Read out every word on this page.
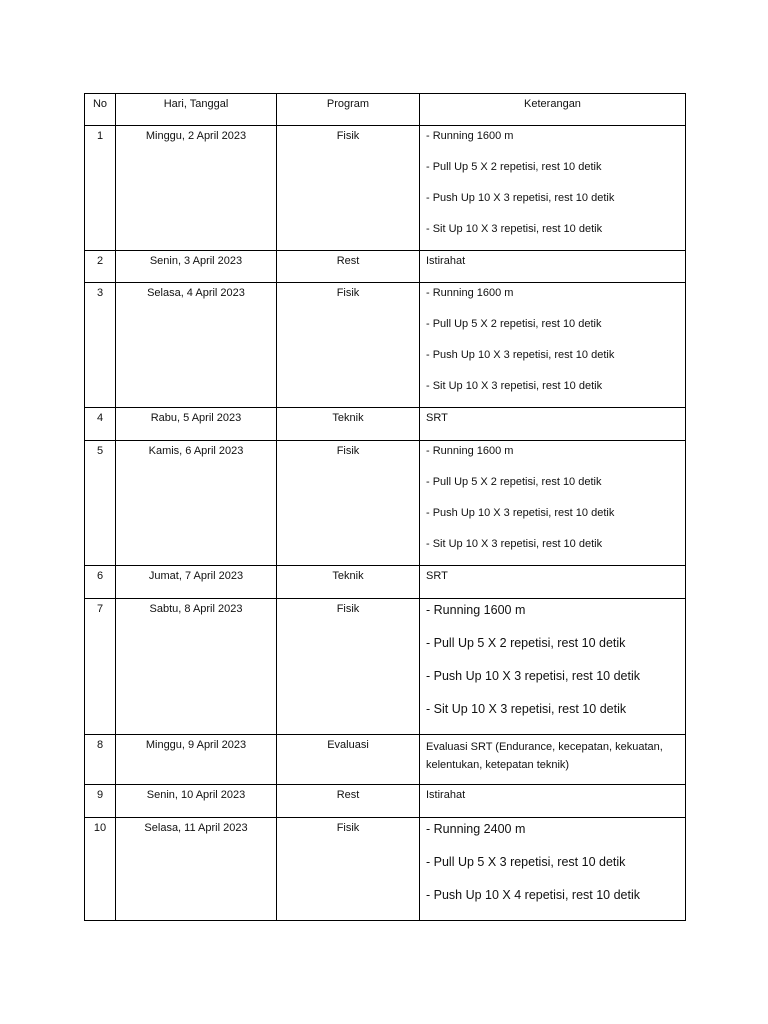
No	Hari, Tanggal	Program	Keterangan
1	Minggu, 2 April 2023	Fisik	- Running 1600 m
- Pull Up 5 X 2 repetisi, rest 10 detik
- Push Up 10 X 3 repetisi, rest 10 detik
- Sit Up 10 X 3 repetisi, rest 10 detik

2	Senin, 3 April 2023	Rest	Istirahat

3	Selasa, 4 April 2023	Fisik	- Running 1600 m
- Pull Up 5 X 2 repetisi, rest 10 detik
- Push Up 10 X 3 repetisi, rest 10 detik
- Sit Up 10 X 3 repetisi, rest 10 detik

4	Rabu, 5 April 2023	Teknik	SRT

5	Kamis, 6 April 2023	Fisik	- Running 1600 m
- Pull Up 5 X 2 repetisi, rest 10 detik
- Push Up 10 X 3 repetisi, rest 10 detik
- Sit Up 10 X 3 repetisi, rest 10 detik

6	Jumat, 7 April 2023	Teknik	SRT

7	Sabtu, 8 April 2023	Fisik	- Running 1600 m
- Pull Up 5 X 2 repetisi, rest 10 detik
- Push Up 10 X 3 repetisi, rest 10 detik
- Sit Up 10 X 3 repetisi, rest 10 detik

8	Minggu, 9 April 2023	Evaluasi	Evaluasi SRT (Endurance, kecepatan, kekuatan, kelentukan, ketepatan teknik)

9	Senin, 10 April 2023	Rest	Istirahat

10	Selasa, 11 April 2023	Fisik	- Running 2400 m
- Pull Up 5 X 3 repetisi, rest 10 detik
- Push Up 10 X 4 repetisi, rest 10 detik
